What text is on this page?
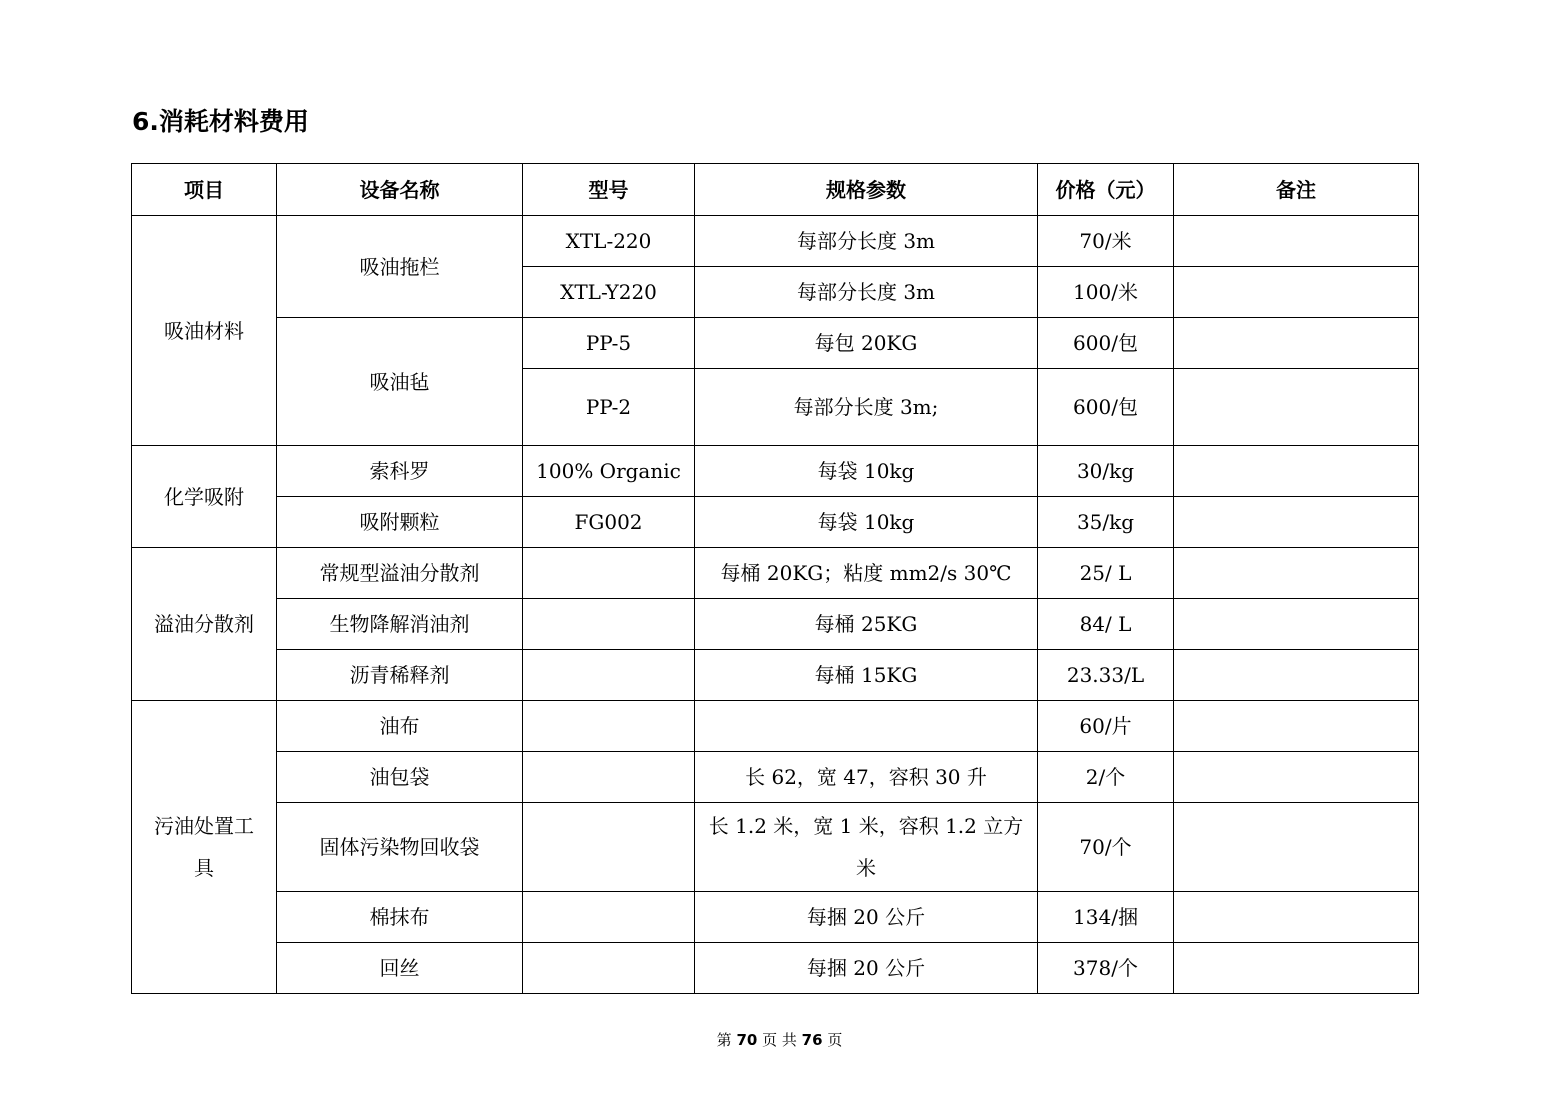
6.消耗材料费用
项目	设备名称	型号	规格参数	价格（元）	备注
吸油材料	吸油拖栏	XTL-220	每部分长度 3m	70/米	
		XTL-Y220	每部分长度 3m	100/米	
	吸油毡	PP-5	每包 20KG	600/包	
		PP-2	每部分长度 3m;	600/包	
化学吸附	索科罗	100% Organic	每袋 10kg	30/kg	
	吸附颗粒	FG002	每袋 10kg	35/kg	
溢油分散剂	常规型溢油分散剂		每桶 20KG；粘度 mm2/s 30℃	25/ L	
	生物降解消油剂		每桶 25KG	84/ L	
	沥青稀释剂		每桶 15KG	23.33/L	
污油处置工具	油布			60/片	
	油包袋		长 62，宽 47，容积 30 升	2/个	
	固体污染物回收袋		长 1.2 米，宽 1 米，容积 1.2 立方米	70/个	
	棉抹布		每捆 20 公斤	134/捆	
	回丝		每捆 20 公斤	378/个	
第 70 页 共 76 页
